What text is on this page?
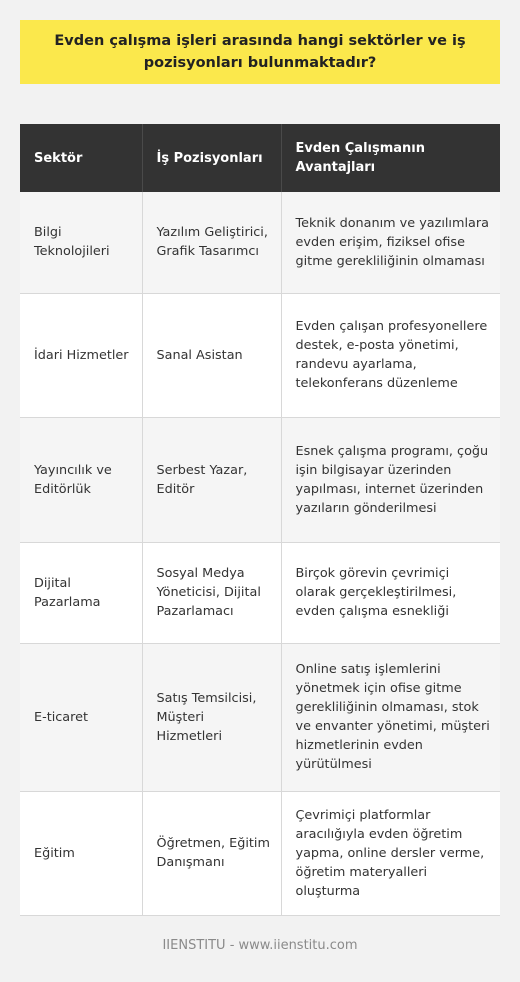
Evden çalışma işleri arasında hangi sektörler ve iş pozisyonları bulunmaktadır?
Sektör	İş Pozisyonları	Evden Çalışmanın Avantajları
Bilgi Teknolojileri	Yazılım Geliştirici, Grafik Tasarımcı	Teknik donanım ve yazılımlara evden erişim, fiziksel ofise gitme gerekliliğinin olmaması
İdari Hizmetler	Sanal Asistan	Evden çalışan profesyonellere destek, e-posta yönetimi, randevu ayarlama, telekonferans düzenleme
Yayıncılık ve Editörlük	Serbest Yazar, Editör	Esnek çalışma programı, çoğu işin bilgisayar üzerinden yapılması, internet üzerinden yazıların gönderilmesi
Dijital Pazarlama	Sosyal Medya Yöneticisi, Dijital Pazarlamacı	Birçok görevin çevrimiçi olarak gerçekleştirilmesi, evden çalışma esnekliği
E-ticaret	Satış Temsilcisi, Müşteri Hizmetleri	Online satış işlemlerini yönetmek için ofise gitme gerekliliğinin olmaması, stok ve envanter yönetimi, müşteri hizmetlerinin evden yürütülmesi
Eğitim	Öğretmen, Eğitim Danışmanı	Çevrimiçi platformlar aracılığıyla evden öğretim yapma, online dersler verme, öğretim materyalleri oluşturma
IIENSTITU - www.iienstitu.com
